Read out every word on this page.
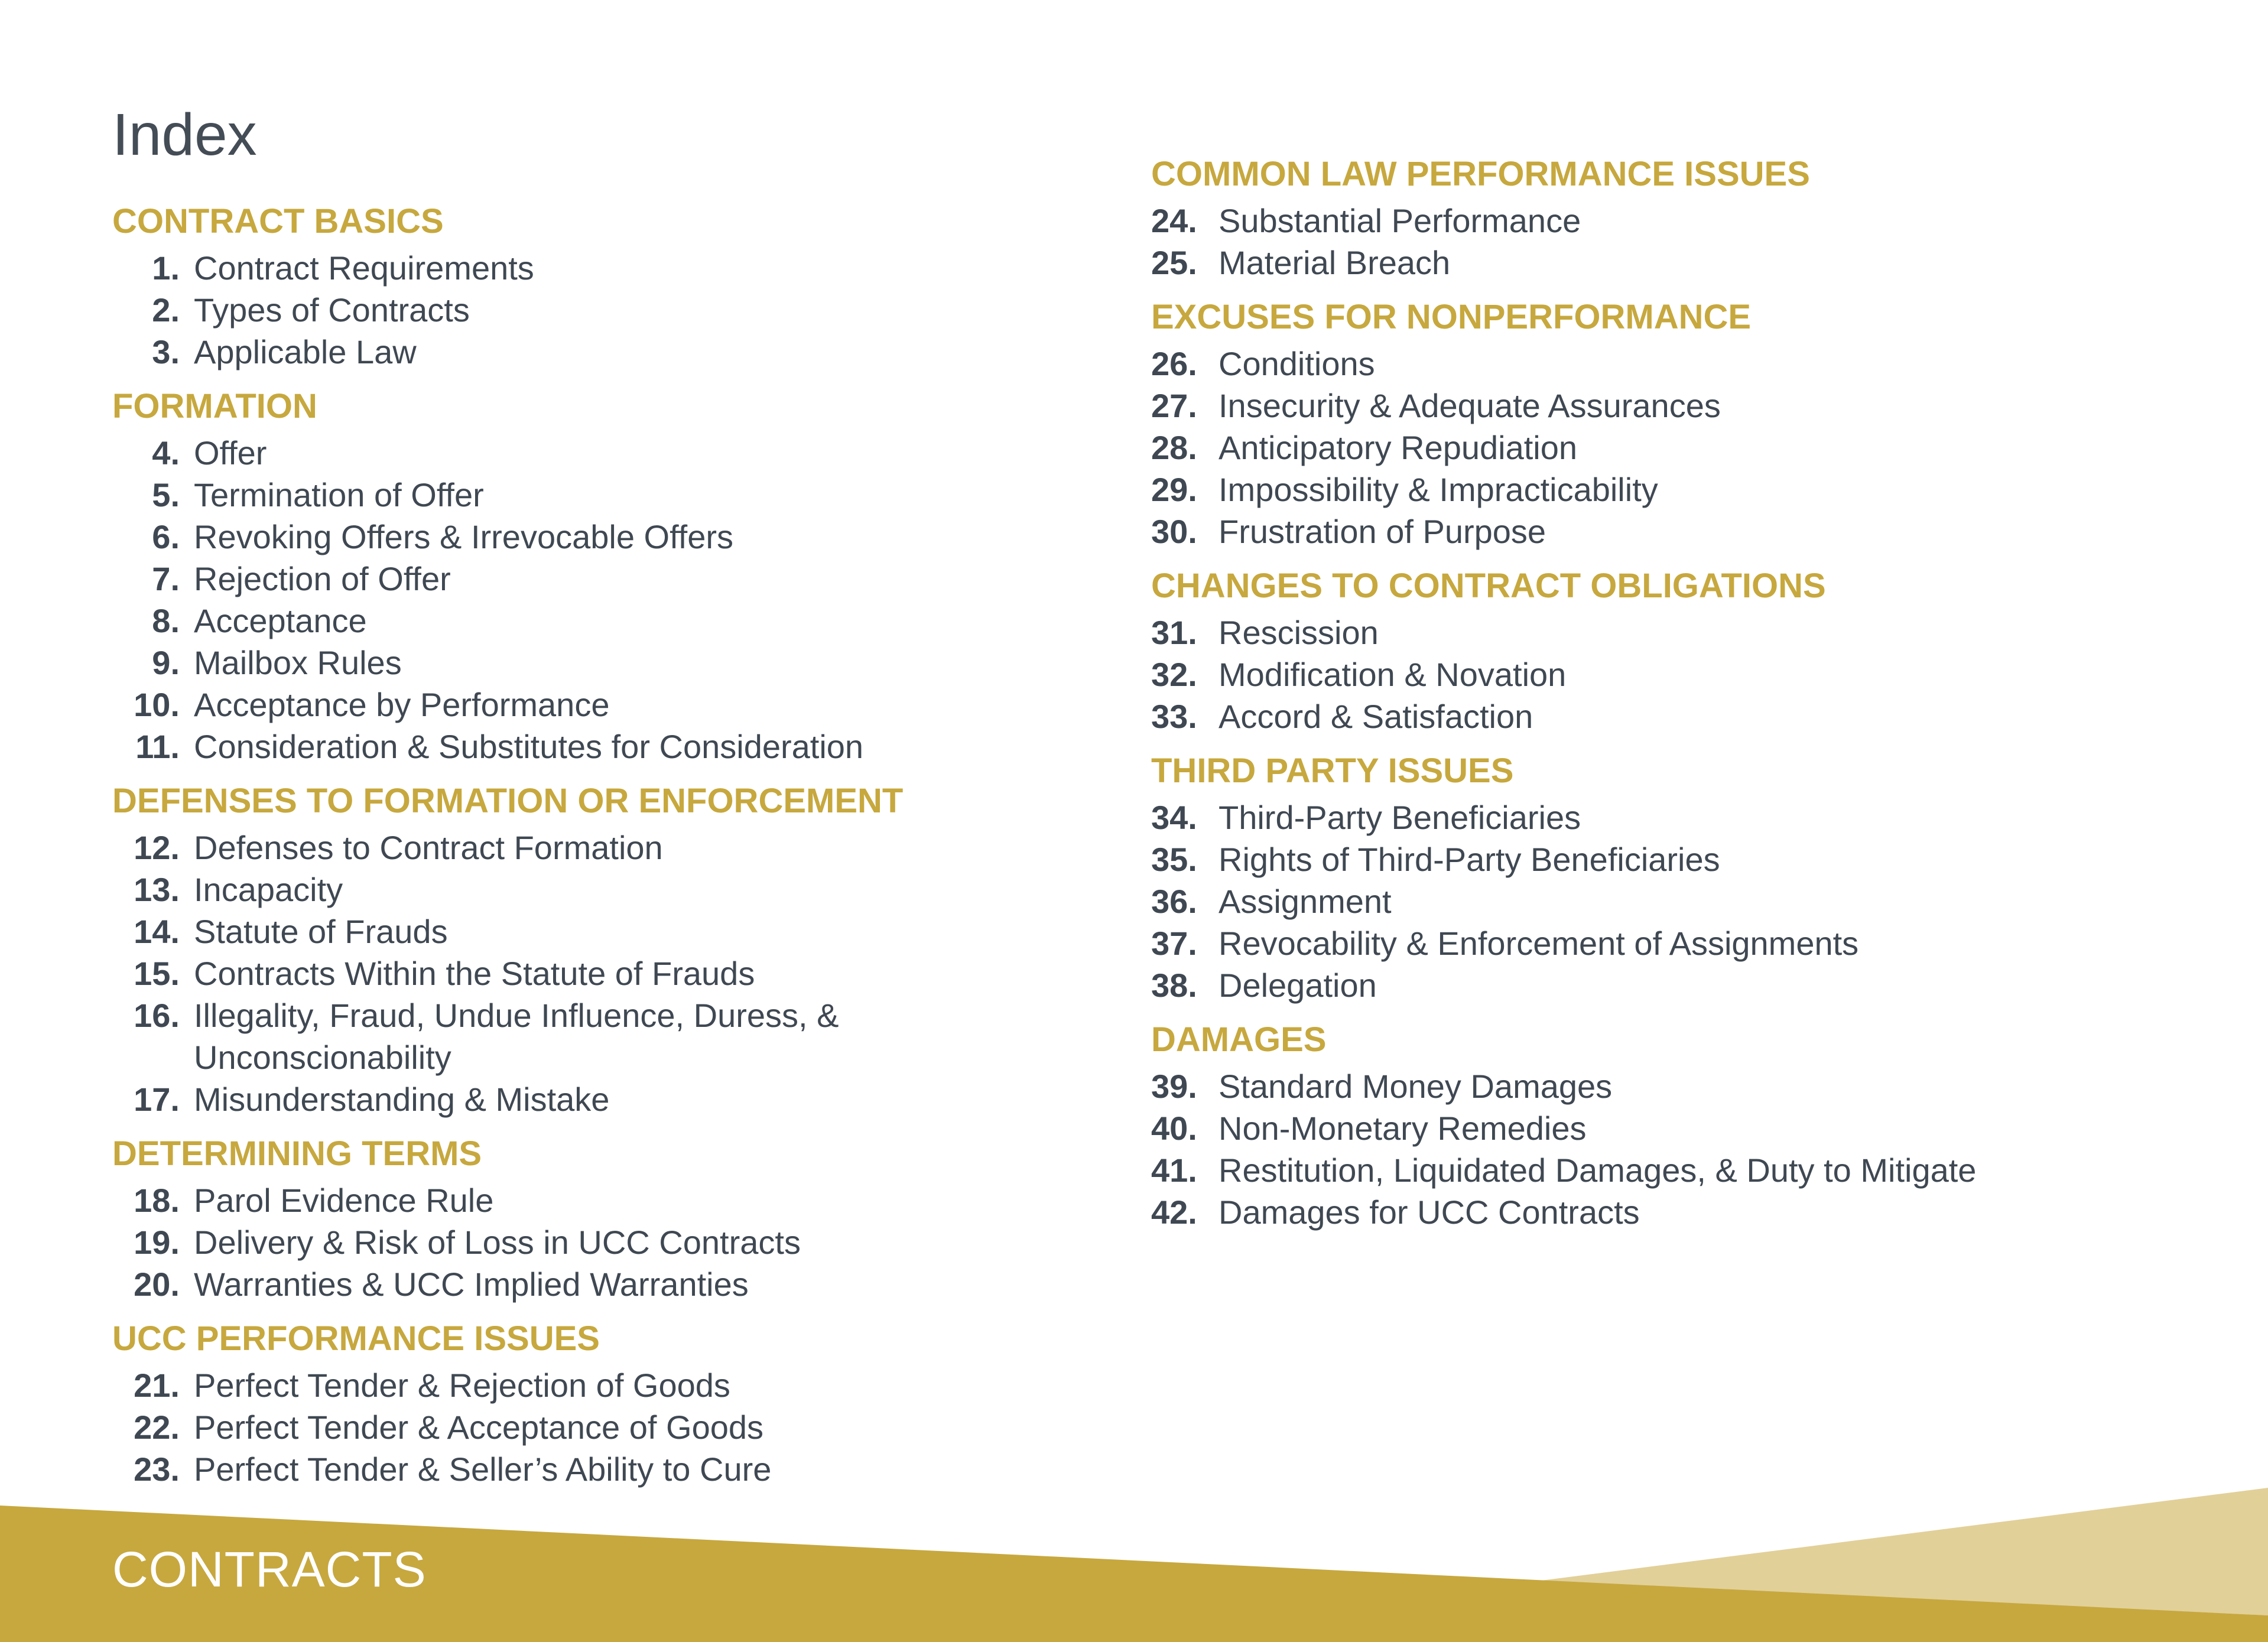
Index
CONTRACT BASICS
1. Contract Requirements
2. Types of Contracts
3. Applicable Law
FORMATION
4. Offer
5. Termination of Offer
6. Revoking Offers & Irrevocable Offers
7. Rejection of Offer
8. Acceptance
9. Mailbox Rules
10. Acceptance by Performance
11. Consideration & Substitutes for Consideration
DEFENSES TO FORMATION OR ENFORCEMENT
12. Defenses to Contract Formation
13. Incapacity
14. Statute of Frauds
15. Contracts Within the Statute of Frauds
16. Illegality, Fraud, Undue Influence, Duress, & Unconscionability
17. Misunderstanding & Mistake
DETERMINING TERMS
18. Parol Evidence Rule
19. Delivery & Risk of Loss in UCC Contracts
20. Warranties & UCC Implied Warranties
UCC PERFORMANCE ISSUES
21. Perfect Tender & Rejection of Goods
22. Perfect Tender & Acceptance of Goods
23. Perfect Tender & Seller’s Ability to Cure
COMMON LAW PERFORMANCE ISSUES
24. Substantial Performance
25. Material Breach
EXCUSES FOR NONPERFORMANCE
26. Conditions
27. Insecurity & Adequate Assurances
28. Anticipatory Repudiation
29. Impossibility & Impracticability
30. Frustration of Purpose
CHANGES TO CONTRACT OBLIGATIONS
31. Rescission
32. Modification & Novation
33. Accord & Satisfaction
THIRD PARTY ISSUES
34. Third-Party Beneficiaries
35. Rights of Third-Party Beneficiaries
36. Assignment
37. Revocability & Enforcement of Assignments
38. Delegation
DAMAGES
39. Standard Money Damages
40. Non-Monetary Remedies
41. Restitution, Liquidated Damages, & Duty to Mitigate
42. Damages for UCC Contracts
CONTRACTS
